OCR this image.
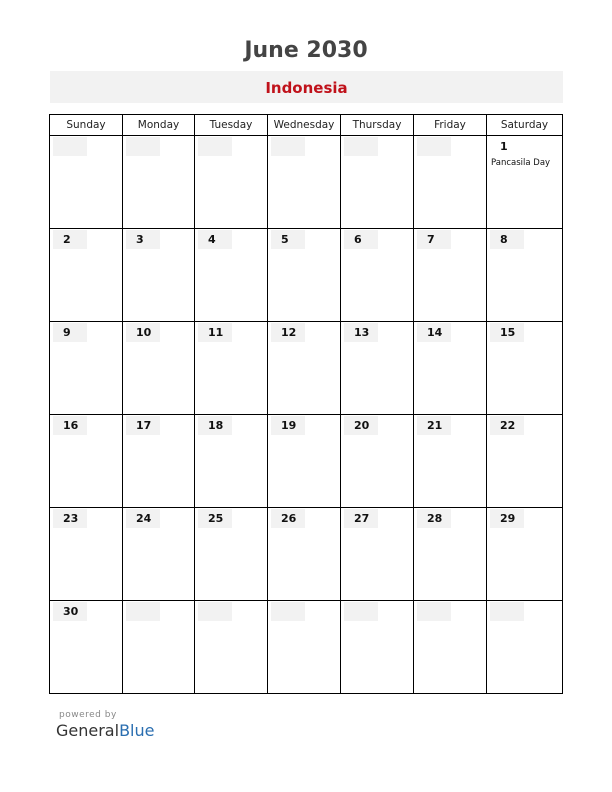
June 2030
Indonesia
Sunday	Monday	Tuesday	Wednesday	Thursday	Friday	Saturday

						1
Pancasila Day

2	3	4	5	6	7	8

9	10	11	12	13	14	15

16	17	18	19	20	21	22

23	24	25	26	27	28	29

30						

powered by
GeneralBlue
